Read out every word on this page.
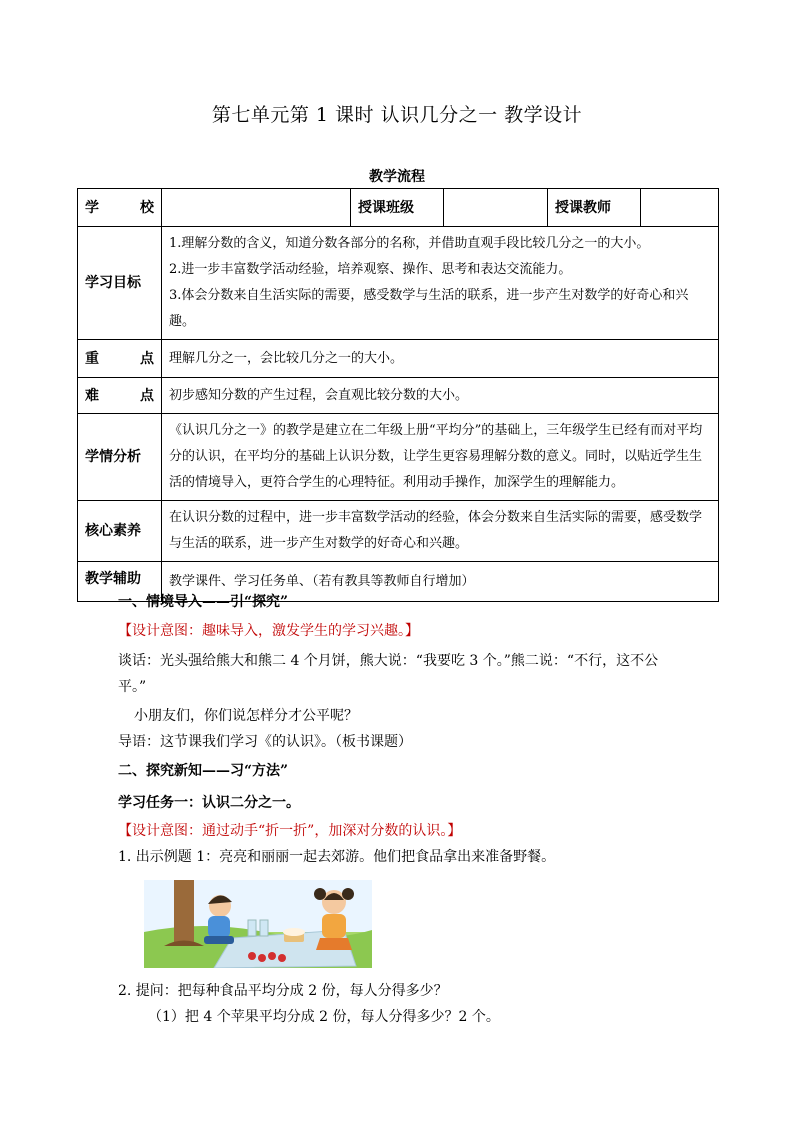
第七单元第 1 课时 认识几分之一 教学设计
教学流程
学 校		授课班级		授课教师	
学习目标	1.理解分数的含义，知道分数各部分的名称，并借助直观手段比较几分之一的大小。
2.进一步丰富数学活动经验，培养观察、操作、思考和表达交流能力。
3.体会分数来自生活实际的需要，感受数学与生活的联系，进一步产生对数学的好奇心和兴趣。				

重 点	理解几分之一，会比较几分之一的大小。				
难 点	初步感知分数的产生过程，会直观比较分数的大小。				
学情分析	《认识几分之一》的教学是建立在二年级上册“平均分”的基础上，三年级学生已经有而对平均分的认识，在平均分的基础上认识分数，让学生更容易理解分数的意义。同时，以贴近学生生活的情境导入，更符合学生的心理特征。利用动手操作，加深学生的理解能力。				
核心素养	在认识分数的过程中，进一步丰富数学活动的经验，体会分数来自生活实际的需要，感受数学与生活的联系，进一步产生对数学的好奇心和兴趣。				
教学辅助	教学课件、学习任务单、（若有教具等教师自行增加）				
一、情境导入——引“探究”
【设计意图：趣味导入，激发学生的学习兴趣。】
谈话：光头强给熊大和熊二 4 个月饼，熊大说：“我要吃 3 个。”熊二说：“不行，这不公平。”
小朋友们，你们说怎样分才公平呢？
导语：这节课我们学习《的认识》。（板书课题）
二、探究新知——习“方法”
学习任务一：认识二分之一。
【设计意图：通过动手“折一折”，加深对分数的认识。】
1. 出示例题 1：亮亮和丽丽一起去郊游。他们把食品拿出来准备野餐。
2. 提问：把每种食品平均分成 2 份，每人分得多少？
（1）把 4 个苹果平均分成 2 份，每人分得多少？2 个。
